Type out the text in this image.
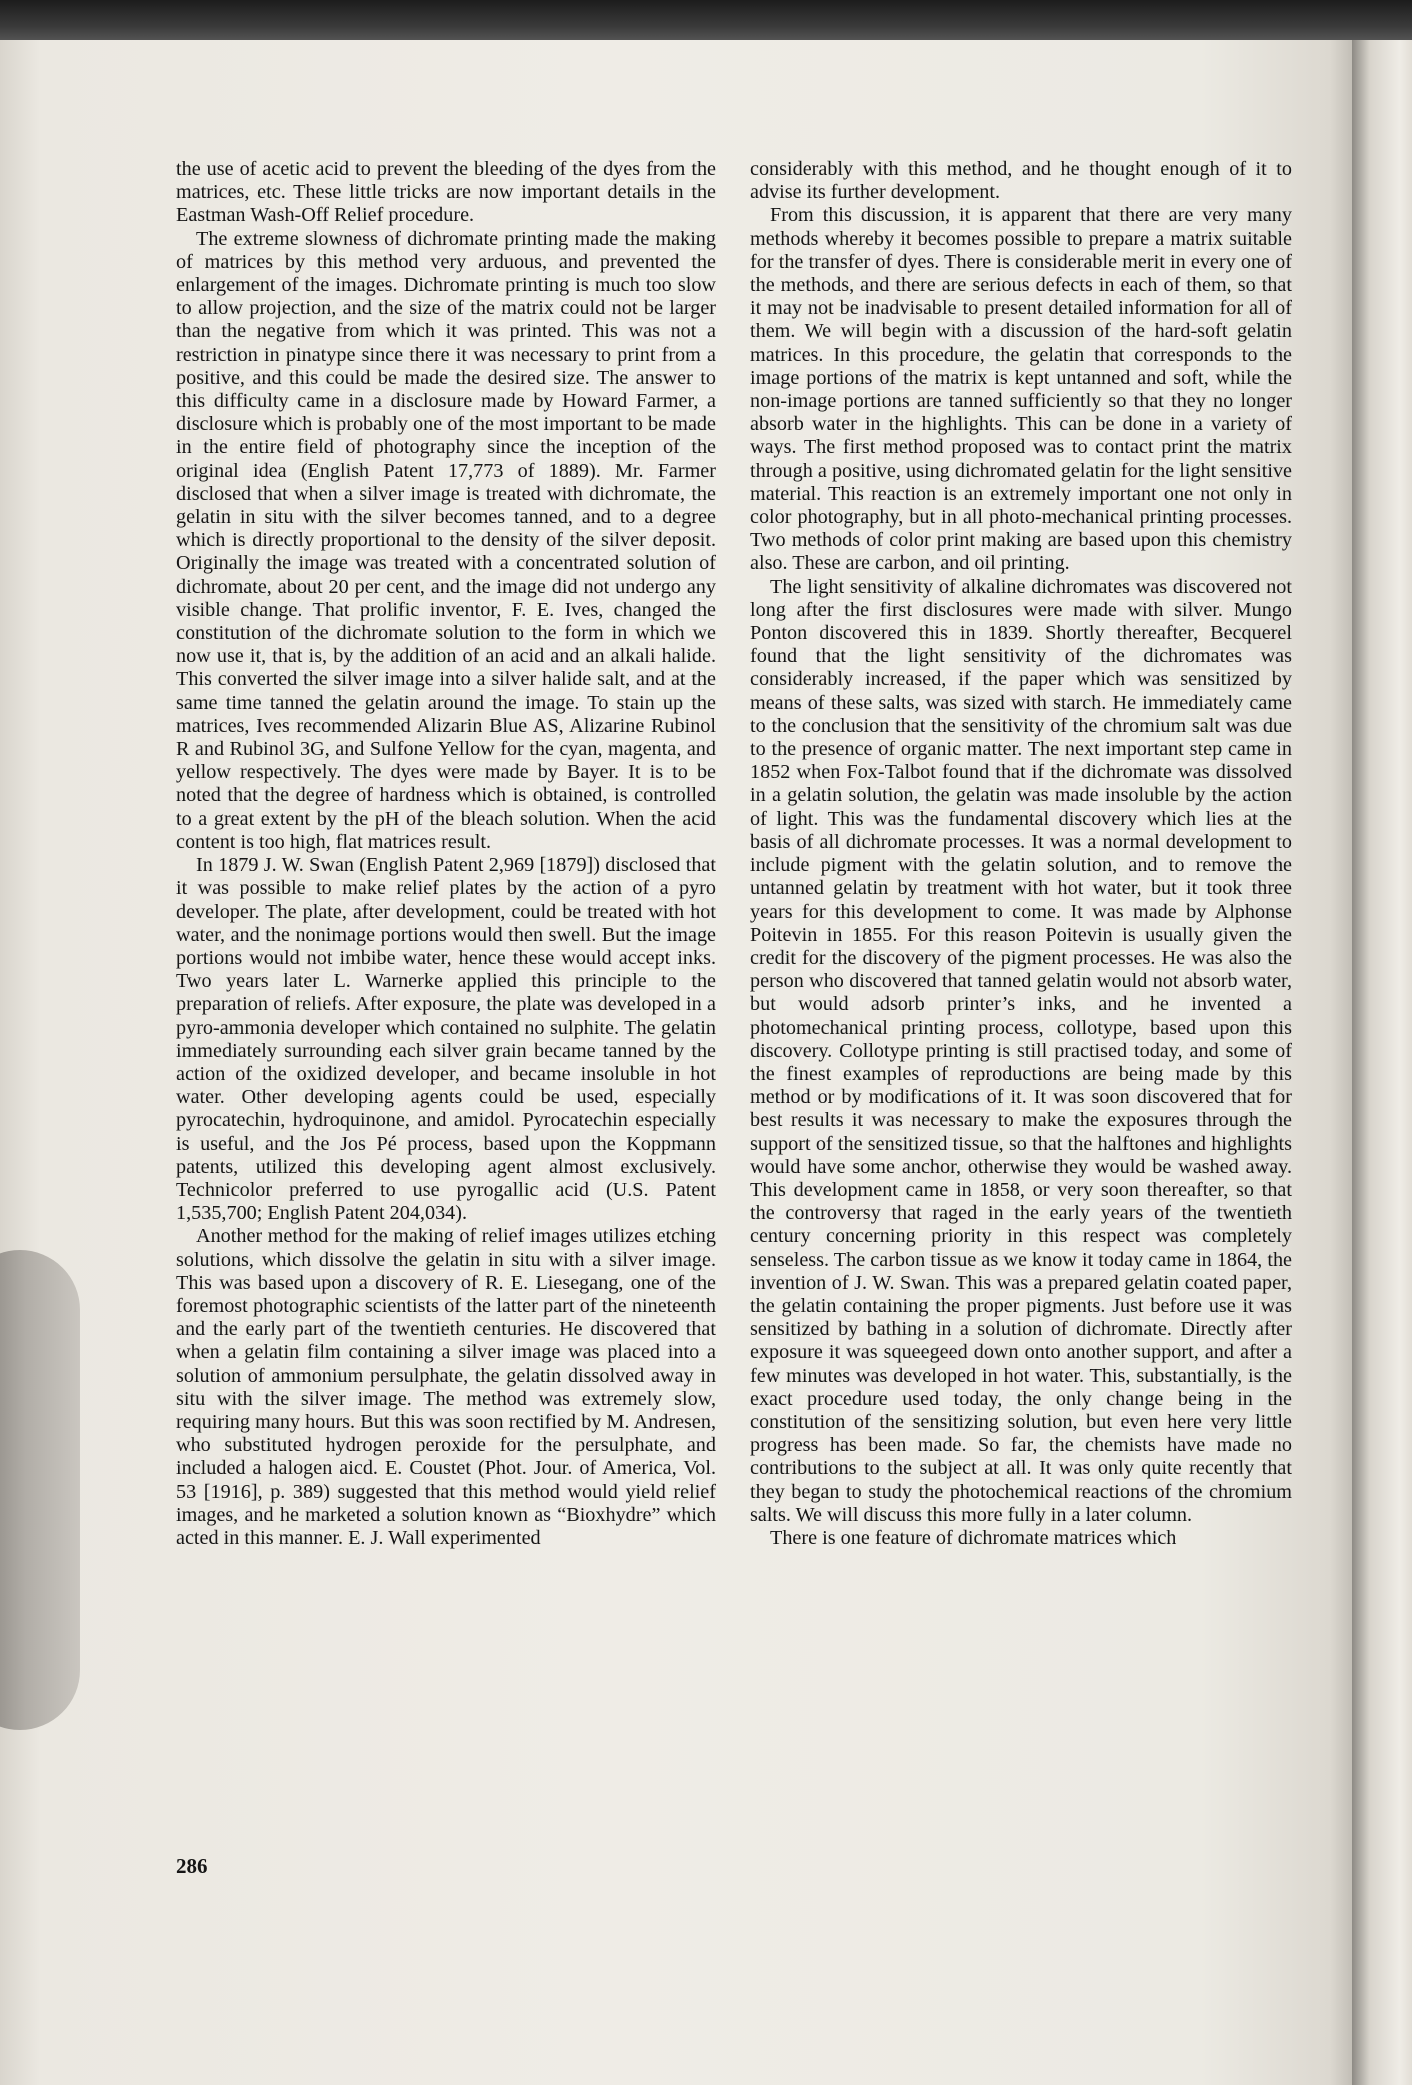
the use of acetic acid to prevent the bleeding of the dyes from the matrices, etc. These little tricks are now important details in the Eastman Wash-Off Relief procedure.

The extreme slowness of dichromate printing made the making of matrices by this method very arduous, and prevented the enlargement of the images. Dichromate printing is much too slow to allow projection, and the size of the matrix could not be larger than the negative from which it was printed. This was not a restriction in pinatype since there it was necessary to print from a positive, and this could be made the desired size. The answer to this difficulty came in a disclosure made by Howard Farmer, a disclosure which is probably one of the most important to be made in the entire field of photography since the inception of the original idea (English Patent 17,773 of 1889). Mr. Farmer disclosed that when a silver image is treated with dichromate, the gelatin in situ with the silver becomes tanned, and to a degree which is directly proportional to the density of the silver deposit. Originally the image was treated with a concentrated solution of dichromate, about 20 per cent, and the image did not undergo any visible change. That prolific inventor, F. E. Ives, changed the constitution of the dichromate solution to the form in which we now use it, that is, by the addition of an acid and an alkali halide. This converted the silver image into a silver halide salt, and at the same time tanned the gelatin around the image. To stain up the matrices, Ives recommended Alizarin Blue AS, Alizarine Rubinol R and Rubinol 3G, and Sulfone Yellow for the cyan, magenta, and yellow respectively. The dyes were made by Bayer. It is to be noted that the degree of hardness which is obtained, is controlled to a great extent by the pH of the bleach solution. When the acid content is too high, flat matrices result.

In 1879 J. W. Swan (English Patent 2,969 [1879]) disclosed that it was possible to make relief plates by the action of a pyro developer. The plate, after development, could be treated with hot water, and the nonimage portions would then swell. But the image portions would not imbibe water, hence these would accept inks. Two years later L. Warnerke applied this principle to the preparation of reliefs. After exposure, the plate was developed in a pyro-ammonia developer which contained no sulphite. The gelatin immediately surrounding each silver grain became tanned by the action of the oxidized developer, and became insoluble in hot water. Other developing agents could be used, especially pyrocatechin, hydroquinone, and amidol. Pyrocatechin especially is useful, and the Jos Pé process, based upon the Koppmann patents, utilized this developing agent almost exclusively. Technicolor preferred to use pyrogallic acid (U.S. Patent 1,535,700; English Patent 204,034).

Another method for the making of relief images utilizes etching solutions, which dissolve the gelatin in situ with a silver image. This was based upon a discovery of R. E. Liesegang, one of the foremost photographic scientists of the latter part of the nineteenth and the early part of the twentieth centuries. He discovered that when a gelatin film containing a silver image was placed into a solution of ammonium persulphate, the gelatin dissolved away in situ with the silver image. The method was extremely slow, requiring many hours. But this was soon rectified by M. Andresen, who substituted hydrogen peroxide for the persulphate, and included a halogen aicd. E. Coustet (Phot. Jour. of America, Vol. 53 [1916], p. 389) suggested that this method would yield relief images, and he marketed a solution known as “Bioxhydre” which acted in this manner. E. J. Wall experimented

considerably with this method, and he thought enough of it to advise its further development.

From this discussion, it is apparent that there are very many methods whereby it becomes possible to prepare a matrix suitable for the transfer of dyes. There is considerable merit in every one of the methods, and there are serious defects in each of them, so that it may not be inadvisable to present detailed information for all of them. We will begin with a discussion of the hard-soft gelatin matrices. In this procedure, the gelatin that corresponds to the image portions of the matrix is kept untanned and soft, while the non-image portions are tanned sufficiently so that they no longer absorb water in the highlights. This can be done in a variety of ways. The first method proposed was to contact print the matrix through a positive, using dichromated gelatin for the light sensitive material. This reaction is an extremely important one not only in color photography, but in all photo-mechanical printing processes. Two methods of color print making are based upon this chemistry also. These are carbon, and oil printing.

The light sensitivity of alkaline dichromates was discovered not long after the first disclosures were made with silver. Mungo Ponton discovered this in 1839. Shortly thereafter, Becquerel found that the light sensitivity of the dichromates was considerably increased, if the paper which was sensitized by means of these salts, was sized with starch. He immediately came to the conclusion that the sensitivity of the chromium salt was due to the presence of organic matter. The next important step came in 1852 when Fox-Talbot found that if the dichromate was dissolved in a gelatin solution, the gelatin was made insoluble by the action of light. This was the fundamental discovery which lies at the basis of all dichromate processes. It was a normal development to include pigment with the gelatin solution, and to remove the untanned gelatin by treatment with hot water, but it took three years for this development to come. It was made by Alphonse Poitevin in 1855. For this reason Poitevin is usually given the credit for the discovery of the pigment processes. He was also the person who discovered that tanned gelatin would not absorb water, but would adsorb printer’s inks, and he invented a photomechanical printing process, collotype, based upon this discovery. Collotype printing is still practised today, and some of the finest examples of reproductions are being made by this method or by modifications of it. It was soon discovered that for best results it was necessary to make the exposures through the support of the sensitized tissue, so that the halftones and highlights would have some anchor, otherwise they would be washed away. This development came in 1858, or very soon thereafter, so that the controversy that raged in the early years of the twentieth century concerning priority in this respect was completely senseless. The carbon tissue as we know it today came in 1864, the invention of J. W. Swan. This was a prepared gelatin coated paper, the gelatin containing the proper pigments. Just before use it was sensitized by bathing in a solution of dichromate. Directly after exposure it was squeegeed down onto another support, and after a few minutes was developed in hot water. This, substantially, is the exact procedure used today, the only change being in the constitution of the sensitizing solution, but even here very little progress has been made. So far, the chemists have made no contributions to the subject at all. It was only quite recently that they began to study the photochemical reactions of the chromium salts. We will discuss this more fully in a later column.

There is one feature of dichromate matrices which

286
